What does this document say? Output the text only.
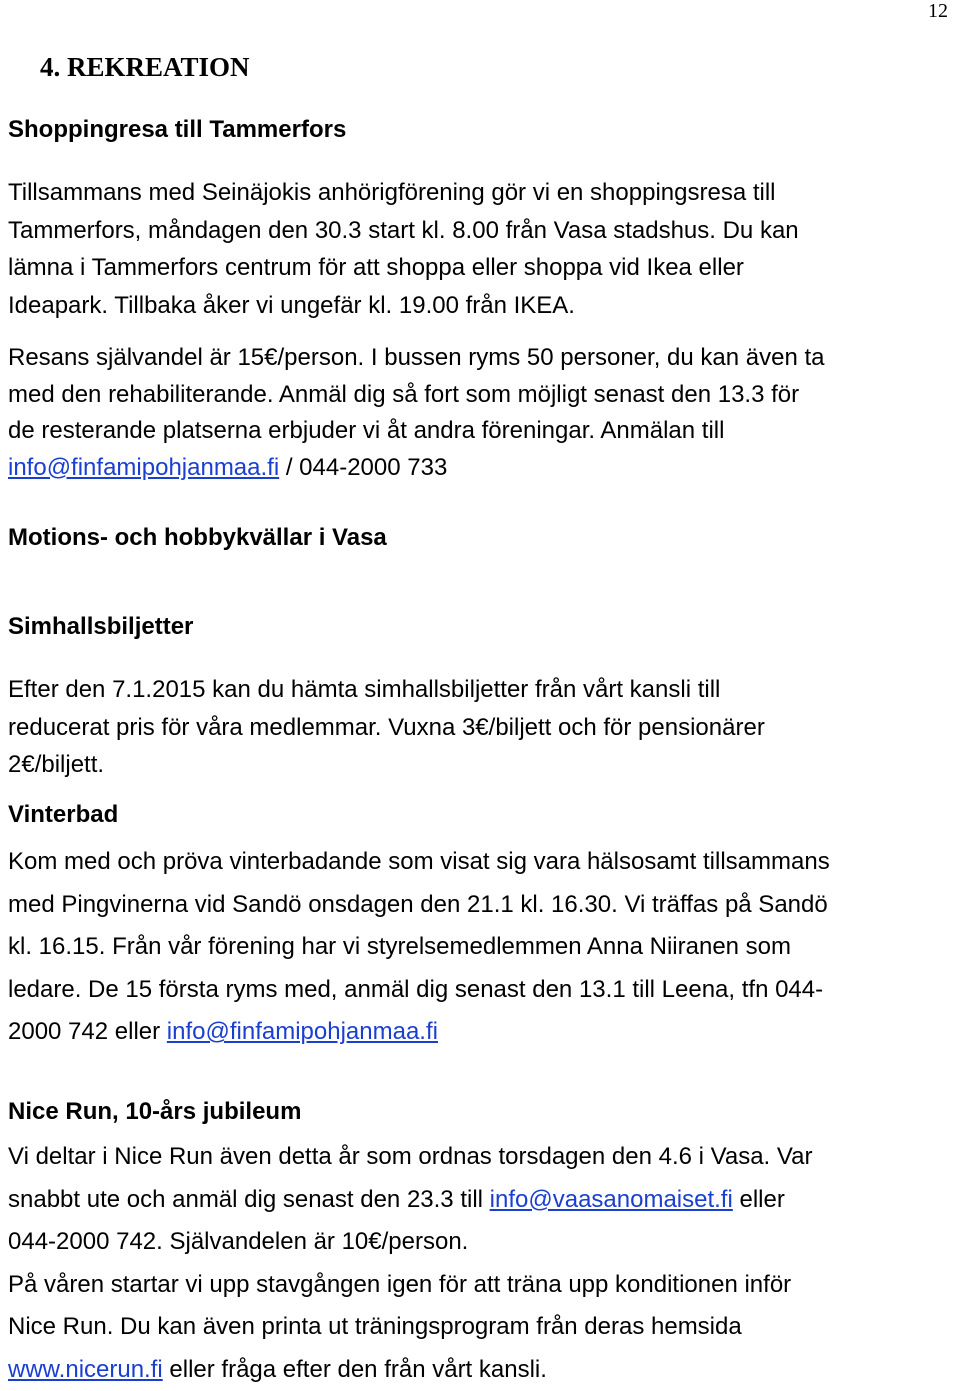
12
4. REKREATION
Shoppingresa till Tammerfors
Tillsammans med Seinäjokis anhörigförening gör vi en shoppingsresa till
Tammerfors, måndagen den 30.3 start kl. 8.00 från Vasa stadshus. Du kan
lämna i Tammerfors centrum för att shoppa eller shoppa vid Ikea eller
Ideapark. Tillbaka åker vi ungefär kl. 19.00 från IKEA.
Resans självandel är 15€/person. I bussen ryms 50 personer, du kan även ta
med den rehabiliterande. Anmäl dig så fort som möjligt senast den 13.3 för
de resterande platserna erbjuder vi åt andra föreningar. Anmälan till
info@finfamipohjanmaa.fi / 044-2000 733
Motions- och hobbykvällar i Vasa
Simhallsbiljetter
Efter den 7.1.2015 kan du hämta simhallsbiljetter från vårt kansli till
reducerat pris för våra medlemmar. Vuxna 3€/biljett och för pensionärer
2€/biljett.
Vinterbad
Kom med och pröva vinterbadande som visat sig vara hälsosamt tillsammans
med Pingvinerna vid Sandö onsdagen den 21.1 kl. 16.30. Vi träffas på Sandö
kl. 16.15. Från vår förening har vi styrelsemedlemmen Anna Niiranen som
ledare. De 15 första ryms med, anmäl dig senast den 13.1 till Leena, tfn 044-
2000 742 eller info@finfamipohjanmaa.fi
Nice Run, 10-års jubileum
Vi deltar i Nice Run även detta år som ordnas torsdagen den 4.6 i Vasa. Var
snabbt ute och anmäl dig senast den 23.3 till info@vaasanomaiset.fi eller
044-2000 742. Självandelen är 10€/person.
På våren startar vi upp stavgången igen för att träna upp konditionen inför
Nice Run. Du kan även printa ut träningsprogram från deras hemsida
www.nicerun.fi eller fråga efter den från vårt kansli.
